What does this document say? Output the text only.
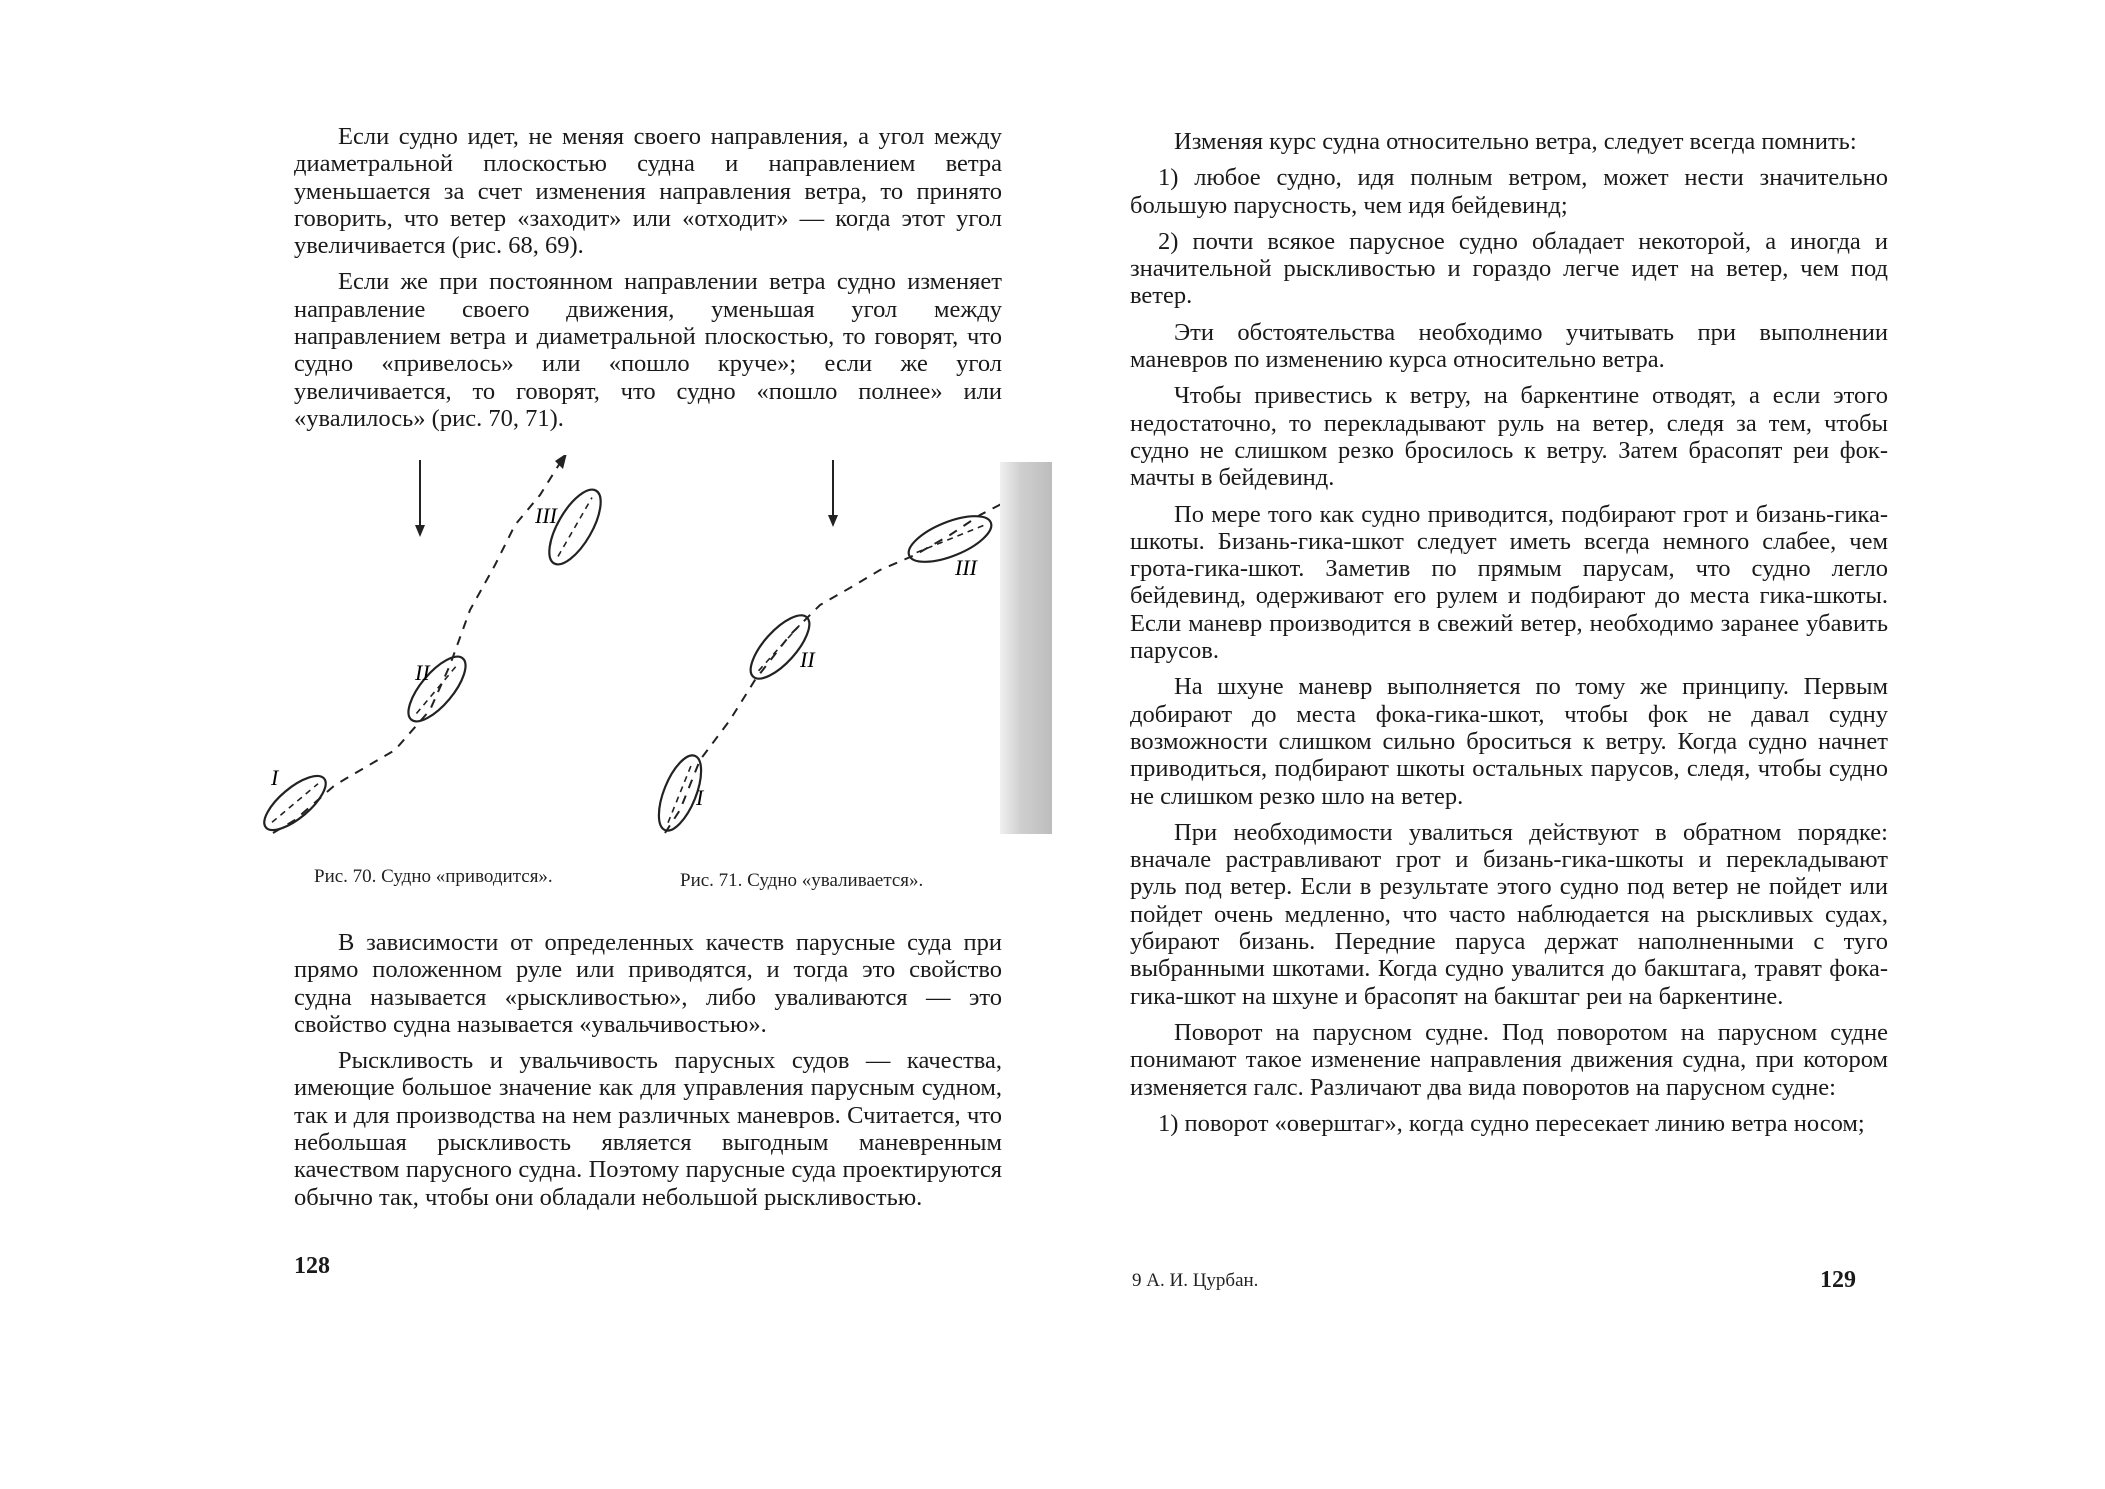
Если судно идет, не меняя своего направления, а угол между диаметральной плоскостью судна и направлением ветра уменьшается за счет изменения направления ветра, то принято говорить, что ветер «заходит» или «отходит» — когда этот угол увеличивается (рис. 68, 69).

Если же при постоянном направлении ветра судно изменяет направление своего движения, уменьшая угол между направлением ветра и диаметральной плоскостью, то говорят, что судно «привелось» или «пошло круче»; если же угол увеличивается, то говорят, что судно «пошло полнее» или «увалилось» (рис. 70, 71).

I
II
III
I
II
III
Рис. 70. Судно «приводится».	Рис. 71. Судно «уваливается».

В зависимости от определенных качеств парусные суда при прямо положенном руле или приводятся, и тогда это свойство судна называется «рыскливостью», либо уваливаются — это свойство судна называется «увальчивостью».

Рыскливость и увальчивость парусных судов — качества, имеющие большое значение как для управления парусным судном, так и для производства на нем различных маневров. Считается, что небольшая рыскливость является выгодным маневренным качеством парусного судна. Поэтому парусные суда проектируются обычно так, чтобы они обладали небольшой рыскливостью.

128

Изменяя курс судна относительно ветра, следует всегда помнить:

1) любое судно, идя полным ветром, может нести значительно большую парусность, чем идя бейдевинд;

2) почти всякое парусное судно обладает некоторой, а иногда и значительной рыскливостью и гораздо легче идет на ветер, чем под ветер.

Эти обстоятельства необходимо учитывать при выполнении маневров по изменению курса относительно ветра.

Чтобы привестись к ветру, на баркентине отводят, а если этого недостаточно, то перекладывают руль на ветер, следя за тем, чтобы судно не слишком резко бросилось к ветру. Затем брасопят реи фок-мачты в бейдевинд.

По мере того как судно приводится, подбирают грот и бизань-гика-шкоты. Бизань-гика-шкот следует иметь всегда немного слабее, чем грота-гика-шкот. Заметив по прямым парусам, что судно легло бейдевинд, одерживают его рулем и подбирают до места гика-шкоты. Если маневр производится в свежий ветер, необходимо заранее убавить парусов.

На шхуне маневр выполняется по тому же принципу. Первым добирают до места фока-гика-шкот, чтобы фок не давал судну возможности слишком сильно броситься к ветру. Когда судно начнет приводиться, подбирают шкоты остальных парусов, следя, чтобы судно не слишком резко шло на ветер.

При необходимости увалиться действуют в обратном порядке: вначале растравливают грот и бизань-гика-шкоты и перекладывают руль под ветер. Если в результате этого судно под ветер не пойдет или пойдет очень медленно, что часто наблюдается на рыскливых судах, убирают бизань. Передние паруса держат наполненными с туго выбранными шкотами. Когда судно увалится до бакштага, травят фока-гика-шкот на шхуне и брасопят на бакштаг реи на баркентине.

Поворот на парусном судне. Под поворотом на парусном судне понимают такое изменение направления движения судна, при котором изменяется галс. Различают два вида поворотов на парусном судне:

1) поворот «оверштаг», когда судно пересекает линию ветра носом;

9 А. И. Цурбан.	129
